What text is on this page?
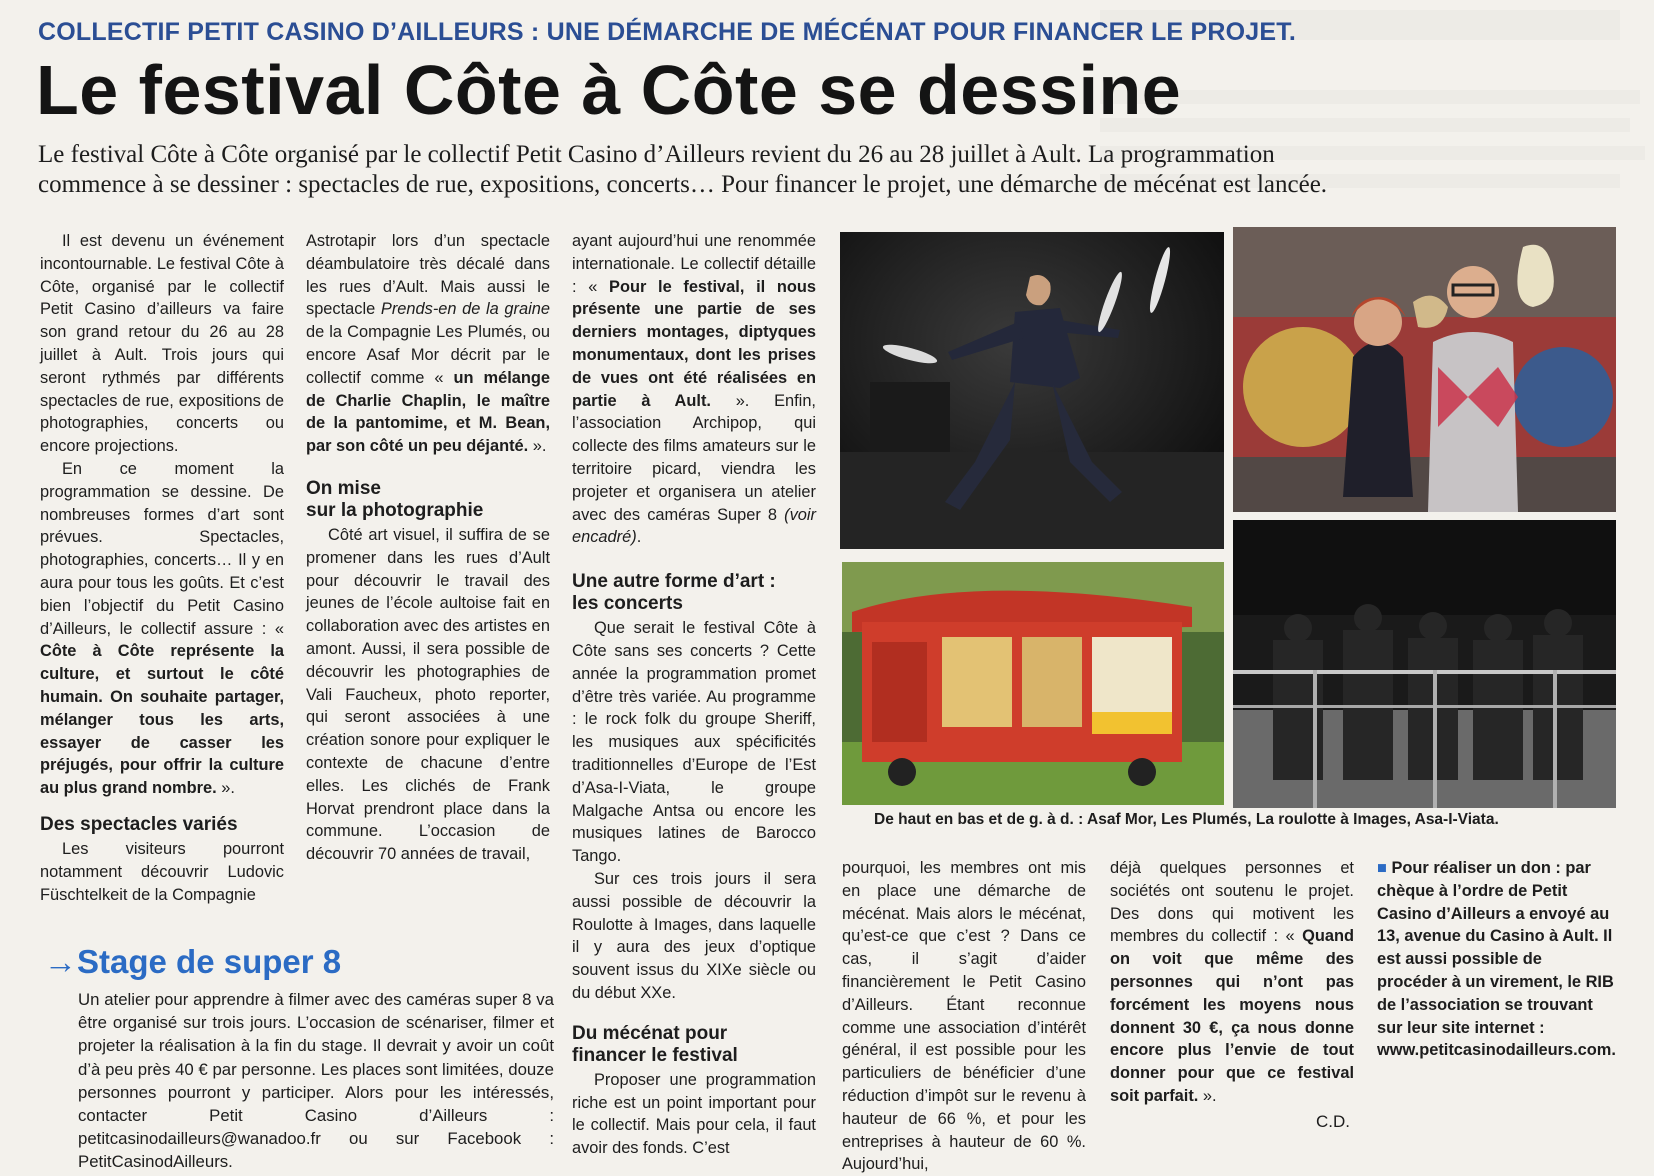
COLLECTIF PETIT CASINO D’AILLEURS : UNE DÉMARCHE DE MÉCÉNAT POUR FINANCER LE PROJET.
Le festival Côte à Côte se dessine

Le festival Côte à Côte organisé par le collectif Petit Casino d’Ailleurs revient du 26 au 28 juillet à Ault. La programmation

commence à se dessiner : spectacles de rue, expositions, concerts… Pour financer le projet, une démarche de mécénat est lancée.

Il est devenu un événement incontournable. Le festival Côte à Côte, organisé par le collectif Petit Casino d’ailleurs va faire son grand retour du 26 au 28 juillet à Ault. Trois jours qui seront rythmés par différents spectacles de rue, expositions de photographies, concerts ou encore projections.

En ce moment la programmation se dessine. De nombreuses formes d’art sont prévues. Spectacles, photographies, concerts… Il y en aura pour tous les goûts. Et c’est bien l’objectif du Petit Casino d’Ailleurs, le collectif assure : « Côte à Côte représente la culture, et surtout le côté humain. On souhaite partager, mélanger tous les arts, essayer de casser les préjugés, pour offrir la culture au plus grand nombre. ».

Des spectacles variés

Les visiteurs pourront notamment découvrir Ludovic Füschtelkeit de la Compagnie

Astrotapir lors d’un spectacle déambulatoire très décalé dans les rues d’Ault. Mais aussi le spectacle Prends-en de la graine de la Compagnie Les Plumés, ou encore Asaf Mor décrit par le collectif comme « un mélange de Charlie Chaplin, le maître de la pantomime, et M. Bean, par son côté un peu déjanté. ».

On mise
sur la photographie

Côté art visuel, il suffira de se promener dans les rues d’Ault pour découvrir le travail des jeunes de l’école aultoise fait en collaboration avec des artistes en amont. Aussi, il sera possible de découvrir les photographies de Vali Faucheux, photo reporter, qui seront associées à une création sonore pour expliquer le contexte de chacune d’entre elles. Les clichés de Frank Horvat prendront place dans la commune. L’occasion de découvrir 70 années de travail,

ayant aujourd’hui une renommée internationale. Le collectif détaille : « Pour le festival, il nous présente une partie de ses derniers montages, diptyques monumentaux, dont les prises de vues ont été réalisées en partie à Ault. ». Enfin, l’association Archipop, qui collecte des films amateurs sur le territoire picard, viendra les projeter et organisera un atelier avec des caméras Super 8 (voir encadré).

Une autre forme d’art :
les concerts

Que serait le festival Côte à Côte sans ses concerts ? Cette année la programmation promet d’être très variée. Au programme : le rock folk du groupe Sheriff, les musiques aux spécificités traditionnelles d’Europe de l’Est d’Asa-I-Viata, le groupe Malgache Antsa ou encore les musiques latines de Barocco Tango.

Sur ces trois jours il sera aussi possible de découvrir la Roulotte à Images, dans laquelle il y aura des jeux d’optique souvent issus du XIXe siècle ou du début XXe.

Du mécénat pour
financer le festival

Proposer une programmation riche est un point important pour le collectif. Mais pour cela, il faut avoir des fonds. C’est

pourquoi, les membres ont mis en place une démarche de mécénat. Mais alors le mécénat, qu’est-ce que c’est ? Dans ce cas, il s’agit d’aider financièrement le Petit Casino d’Ailleurs. Étant reconnue comme une association d’intérêt général, il est possible pour les particuliers de bénéficier d’une réduction d’impôt sur le revenu à hauteur de 66 %, et pour les entreprises à hauteur de 60 %. Aujourd’hui,

déjà quelques personnes et sociétés ont soutenu le projet. Des dons qui motivent les membres du collectif : « Quand on voit que même des personnes qui n’ont pas forcément les moyens nous donnent 30 €, ça nous donne encore plus l’envie de tout donner pour que ce festival soit parfait. ».

C.D.

■ Pour réaliser un don : par chèque à l’ordre de Petit Casino d’Ailleurs a envoyé au 13, avenue du Casino à Ault. Il est aussi possible de procéder à un virement, le RIB de l’association se trouvant sur leur site internet : www.petitcasinodailleurs.com.

→Stage de super 8
Un atelier pour apprendre à filmer avec des caméras super 8 va être organisé sur trois jours. L’occasion de scénariser, filmer et projeter la réalisation à la fin du stage. Il devrait y avoir un coût d’à peu près 40 € par personne. Les places sont limitées, douze personnes pourront y participer. Alors pour les intéressés, contacter Petit Casino d’Ailleurs : petitcasinodailleurs@wanadoo.fr ou sur Facebook : PetitCasinodAilleurs.
De haut en bas et de g. à d. : Asaf Mor, Les Plumés, La roulotte à Images, Asa-I-Viata.
